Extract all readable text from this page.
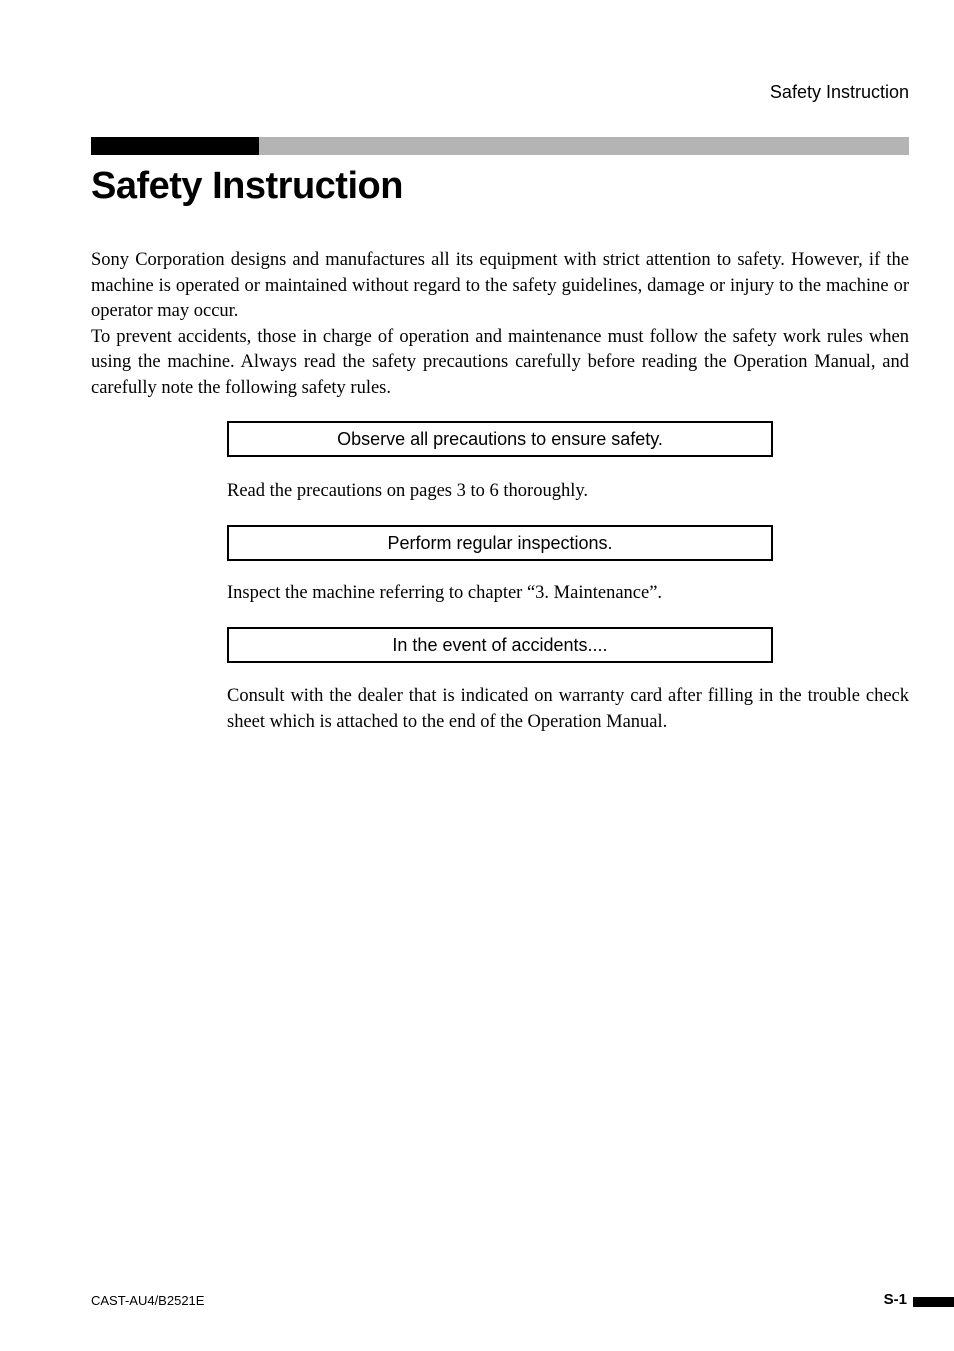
Safety Instruction
Safety Instruction

Sony Corporation designs and manufactures all its equipment with strict attention to safety. However, if the machine is operated or maintained without regard to the safety guidelines, damage or injury to the machine or operator may occur.

To prevent accidents, those in charge of operation and maintenance must follow the safety work rules when using the machine. Always read the safety precautions carefully before reading the Operation Manual, and carefully note the following safety rules.

Observe all precautions to ensure safety.

Read the precautions on pages 3 to 6 thoroughly.

Perform regular inspections.

Inspect the machine referring to chapter “3. Maintenance”.

In the event of accidents....

Consult with the dealer that is indicated on warranty card after filling in the trouble check sheet which is attached to the end of the Operation Manual.

CAST-AU4/B2521E	S-1
